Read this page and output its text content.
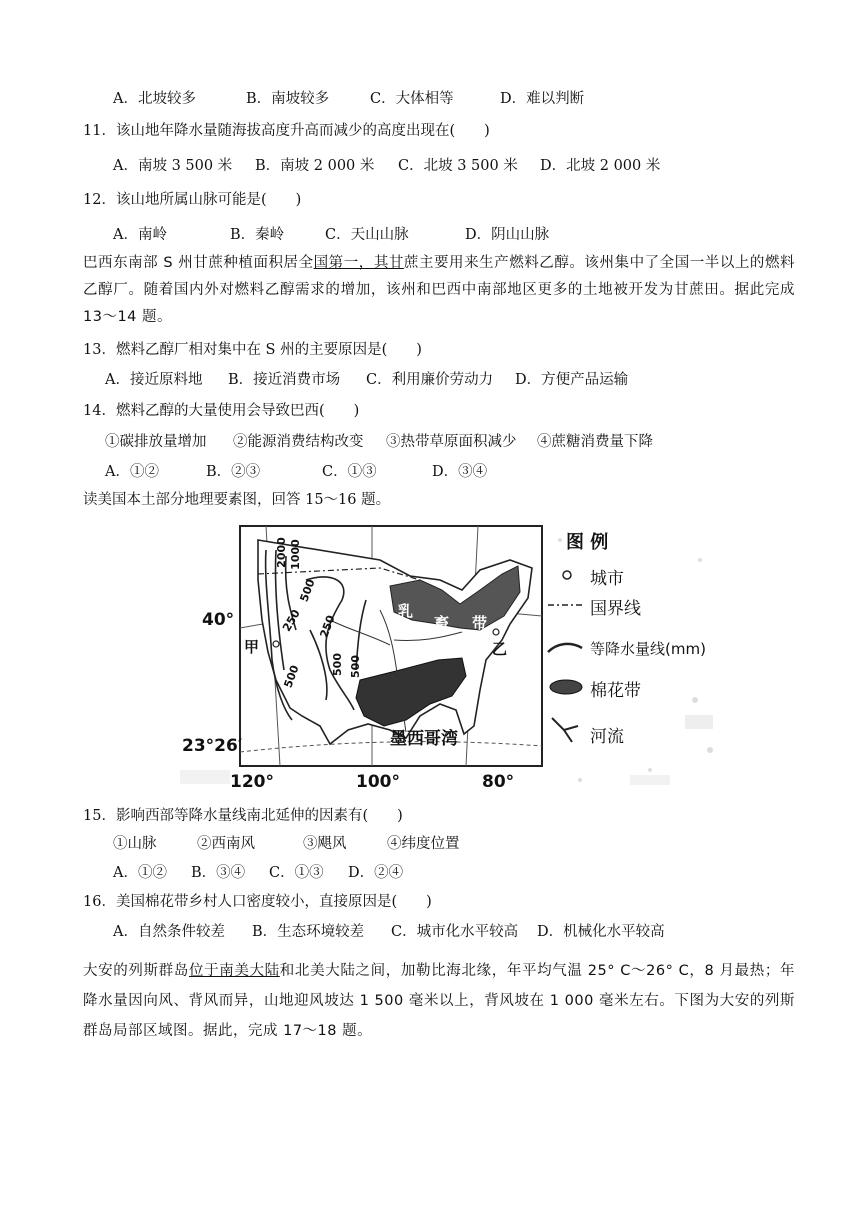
A．北坡较多	B．南坡较多	C．大体相等	D．难以判断
11．该山地年降水量随海拔高度升高而减少的高度出现在(　　)
A．南坡 3 500 米 B．南坡 2 000 米 C．北坡 3 500 米 D．北坡 2 000 米
12．该山地所属山脉可能是(　　)
A．南岭	B．秦岭	C．天山山脉	D．阴山山脉
巴西东南部 S 州甘蔗种植面积居全国第一，其甘蔗主要用来生产燃料乙醇。该州集中了全国一半以上的燃料乙醇厂。随着国内外对燃料乙醇需求的增加，该州和巴西中南部地区更多的土地被开发为甘蔗田。据此完成 13～14 题。
13．燃料乙醇厂相对集中在 S 州的主要原因是(　　)
A．接近原料地 B．接近消费市场 C．利用廉价劳动力 D．方便产品运输
14．燃料乙醇的大量使用会导致巴西(　　)
①碳排放量增加 ②能源消费结构改变 ③热带草原面积减少 ④蔗糖消费量下降
A．①②	B．②③	C．①③	D．③④
读美国本土部分地理要素图，回答 15～16 题。
2000 1000
500
250
250
500 500
500
甲	乙
墨西哥湾
乳
畜 带
40°
23°26′
120°	100°	80°
图 例
城市
国界线
等降水量线(mm)
棉花带
河流
15．影响西部等降水量线南北延伸的因素有(　　)
①山脉	②西南风	③飓风	④纬度位置
A．①② B．③④ C．①③ D．②④
16．美国棉花带乡村人口密度较小，直接原因是(　　)
A．自然条件较差 B．生态环境较差 C．城市化水平较高 D．机械化水平较高
大安的列斯群岛位于南美大陆和北美大陆之间，加勒比海北缘，年平均气温 25° C～26° C，8 月最热；年降水量因向风、背风而异，山地迎风坡达 1 500 毫米以上，背风坡在 1 000 毫米左右。下图为大安的列斯群岛局部区域图。据此，完成 17～18 题。
